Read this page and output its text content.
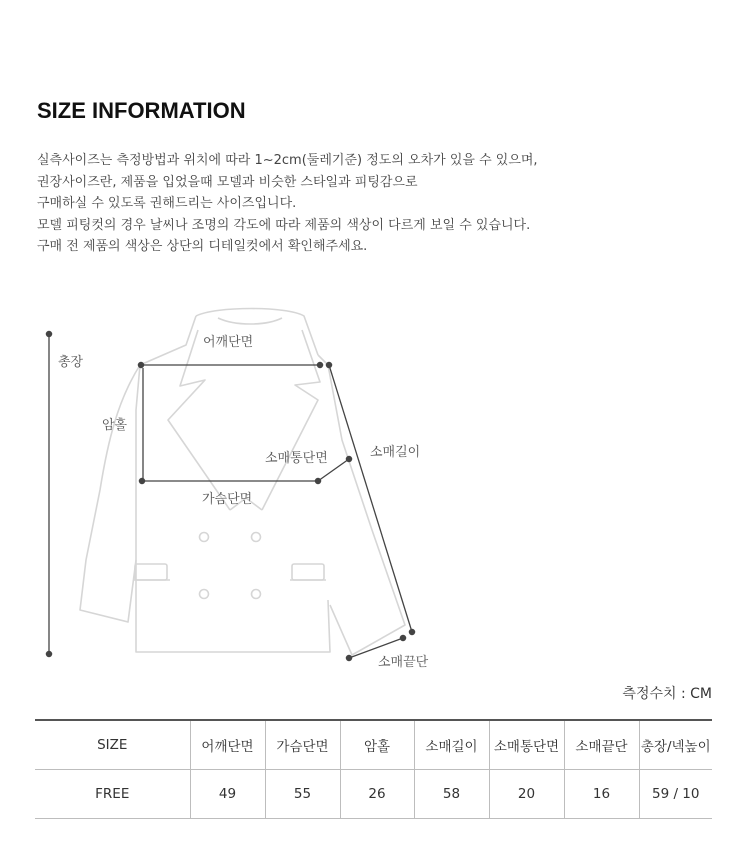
SIZE INFORMATION
실측사이즈는 측정방법과 위치에 따라 1~2cm(둘레기준) 정도의 오차가 있을 수 있으며,
권장사이즈란, 제품을 입었을때 모델과 비슷한 스타일과 피팅감으로
구매하실 수 있도록 권해드리는 사이즈입니다.
모델 피팅컷의 경우 날씨나 조명의 각도에 따라 제품의 색상이 다르게 보일 수 있습니다.
구매 전 제품의 색상은 상단의 디테일컷에서 확인해주세요.
총장
어깨단면
암홀
소매통단면	소매길이
가슴단면
소매끝단
측정수치 : CM
SIZE	어깨단면	가슴단면	암홀	소매길이	소매통단면	소매끝단	총장/넥높이
FREE	49	55	26	58	20	16	59 / 10
